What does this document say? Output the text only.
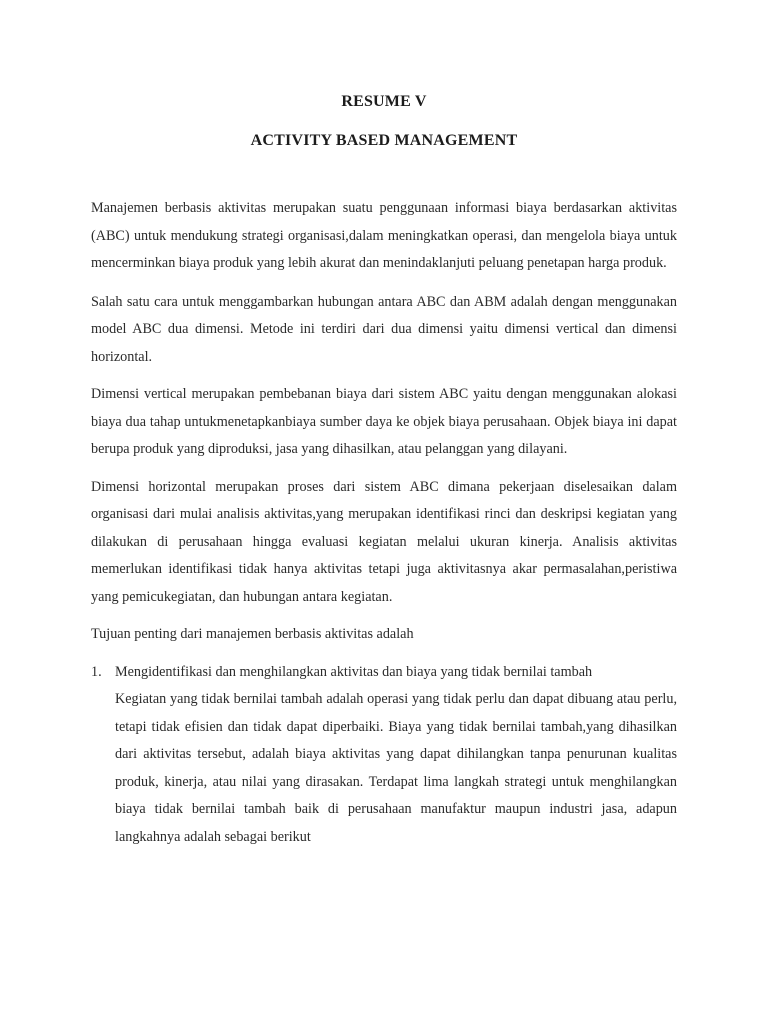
RESUME V
ACTIVITY BASED MANAGEMENT

Manajemen berbasis aktivitas merupakan suatu penggunaan informasi biaya berdasarkan aktivitas (ABC) untuk mendukung strategi organisasi,dalam meningkatkan operasi, dan mengelola biaya untuk mencerminkan biaya produk yang lebih akurat dan menindaklanjuti peluang penetapan harga produk.

Salah satu cara untuk menggambarkan hubungan antara ABC dan ABM adalah dengan menggunakan model ABC dua dimensi. Metode ini terdiri dari dua dimensi yaitu dimensi vertical dan dimensi horizontal.

Dimensi vertical merupakan pembebanan biaya dari sistem ABC yaitu dengan menggunakan alokasi biaya dua tahap untukmenetapkanbiaya sumber daya ke objek biaya perusahaan. Objek biaya ini dapat berupa produk yang diproduksi, jasa yang dihasilkan, atau pelanggan yang dilayani.

Dimensi horizontal merupakan proses dari sistem ABC dimana pekerjaan diselesaikan dalam organisasi dari mulai analisis aktivitas,yang merupakan identifikasi rinci dan deskripsi kegiatan yang dilakukan di perusahaan hingga evaluasi kegiatan melalui ukuran kinerja. Analisis aktivitas memerlukan identifikasi tidak hanya aktivitas tetapi juga aktivitasnya akar permasalahan,peristiwa yang pemicukegiatan, dan hubungan antara kegiatan.

Tujuan penting dari manajemen berbasis aktivitas adalah

1. Mengidentifikasi dan menghilangkan aktivitas dan biaya yang tidak bernilai tambah

Kegiatan yang tidak bernilai tambah adalah operasi yang tidak perlu dan dapat dibuang atau perlu, tetapi tidak efisien dan tidak dapat diperbaiki. Biaya yang tidak bernilai tambah,yang dihasilkan dari aktivitas tersebut, adalah biaya aktivitas yang dapat dihilangkan tanpa penurunan kualitas produk, kinerja, atau nilai yang dirasakan. Terdapat lima langkah strategi untuk menghilangkan biaya tidak bernilai tambah baik di perusahaan manufaktur maupun industri jasa, adapun langkahnya adalah sebagai berikut
